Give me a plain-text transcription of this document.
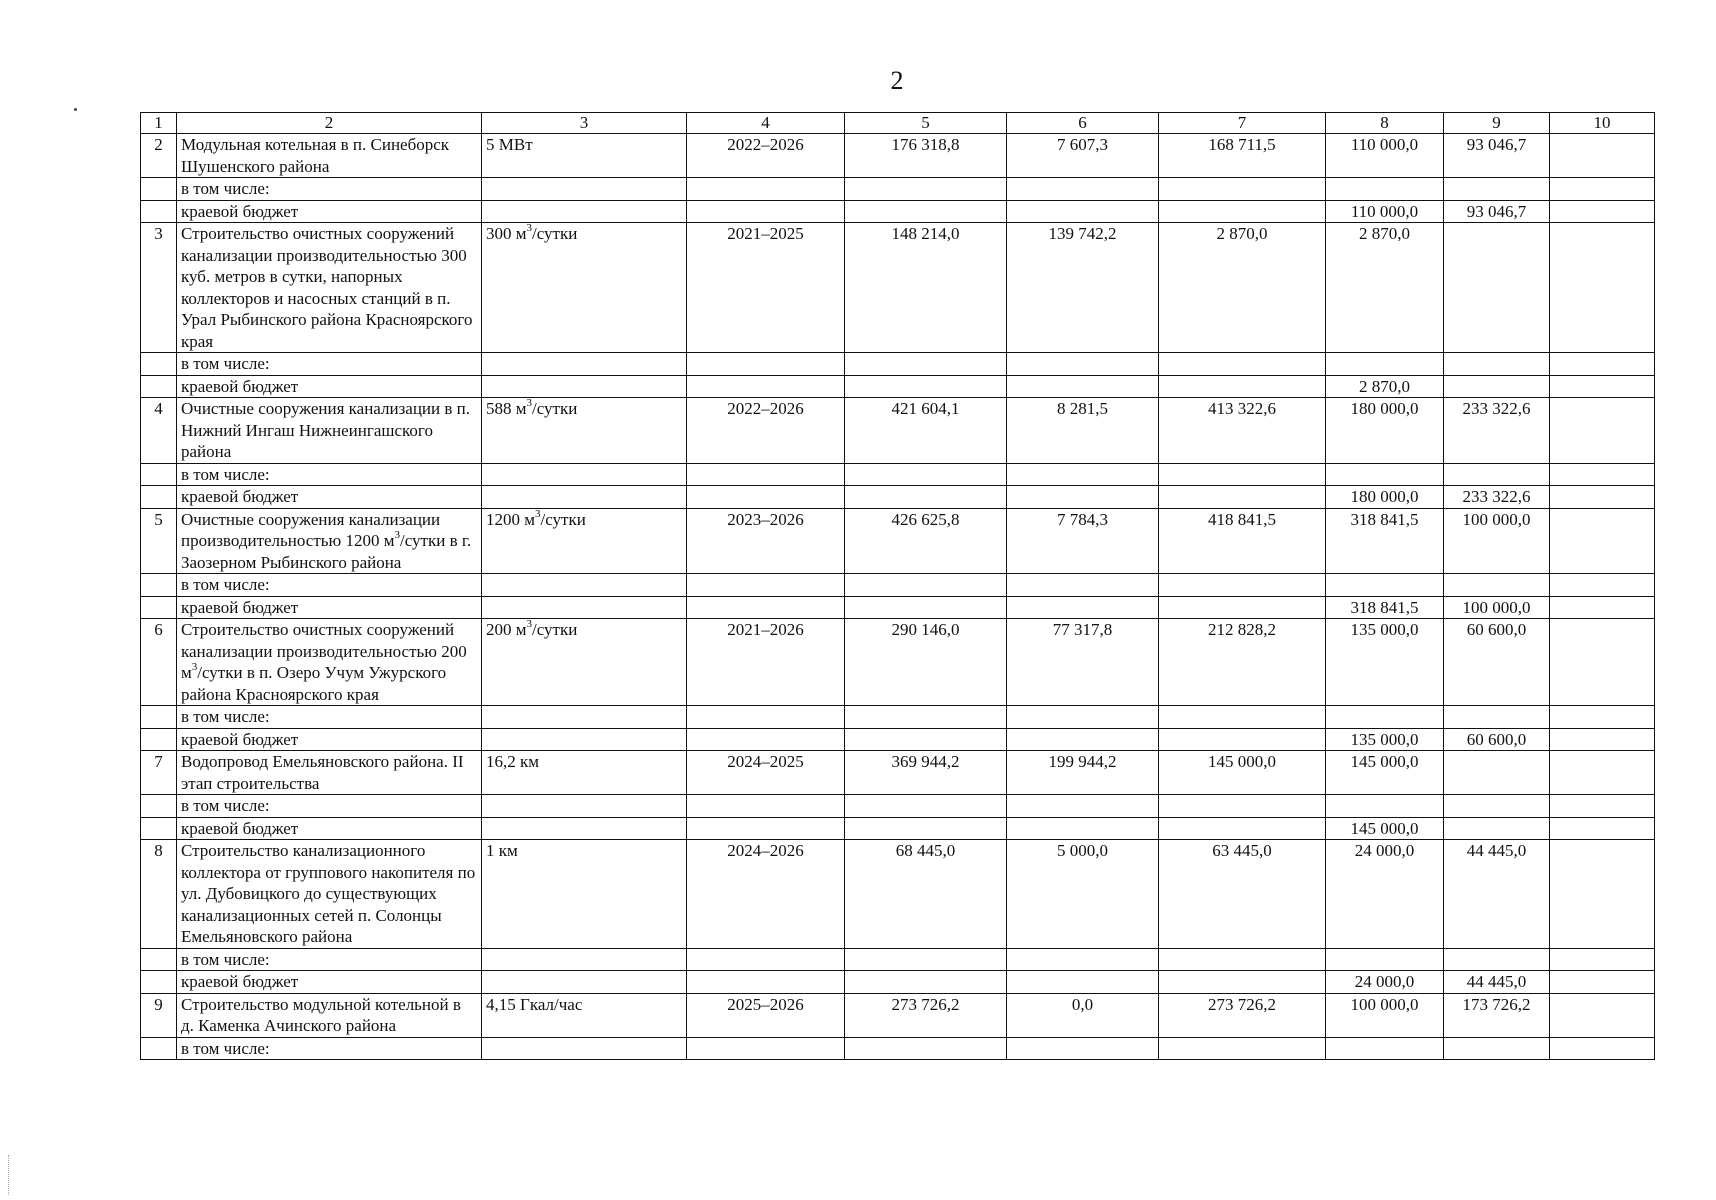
2
1	2	3	4	5	6	7	8	9	10
2	Модульная котельная в п. Синеборск Шушенского района	5 МВт	2022–2026	176 318,8	7 607,3	168 711,5	110 000,0	93 046,7	
	в том числе:								
	краевой бюджет						110 000,0	93 046,7	
3	Строительство очистных сооружений канализации производительностью 300 куб. метров в сутки, напорных коллекторов и насосных станций в п. Урал Рыбинского района Красноярского края	300 $м^3$/сутки	2021–2025	148 214,0	139 742,2	2 870,0	2 870,0		
	в том числе:								
	краевой бюджет						2 870,0		
4	Очистные сооружения канализации в п. Нижний Ингаш Нижнеингашского района	588 $м^3$/сутки	2022–2026	421 604,1	8 281,5	413 322,6	180 000,0	233 322,6	
	в том числе:								
	краевой бюджет						180 000,0	233 322,6	
5	Очистные сооружения канализации производительностью 1200 $м^3$/сутки в г. Заозерном Рыбинского района	1200 $м^3$/сутки	2023–2026	426 625,8	7 784,3	418 841,5	318 841,5	100 000,0	
	в том числе:								
	краевой бюджет						318 841,5	100 000,0	
6	Строительство очистных сооружений канализации производительностью 200 $м^3$/сутки в п. Озеро Учум Ужурского района Красноярского края	200 $м^3$/сутки	2021–2026	290 146,0	77 317,8	212 828,2	135 000,0	60 600,0	
	в том числе:								
	краевой бюджет						135 000,0	60 600,0	
7	Водопровод Емельяновского района. II этап строительства	16,2 км	2024–2025	369 944,2	199 944,2	145 000,0	145 000,0		
	в том числе:								
	краевой бюджет						145 000,0		
8	Строительство канализационного коллектора от группового накопителя по ул. Дубовицкого до существующих канализационных сетей п. Солонцы Емельяновского района	1 км	2024–2026	68 445,0	5 000,0	63 445,0	24 000,0	44 445,0	
	в том числе:								
	краевой бюджет						24 000,0	44 445,0	
9	Строительство модульной котельной в д. Каменка Ачинского района	4,15 Гкал/час	2025–2026	273 726,2	0,0	273 726,2	100 000,0	173 726,2	
	в том числе:								
